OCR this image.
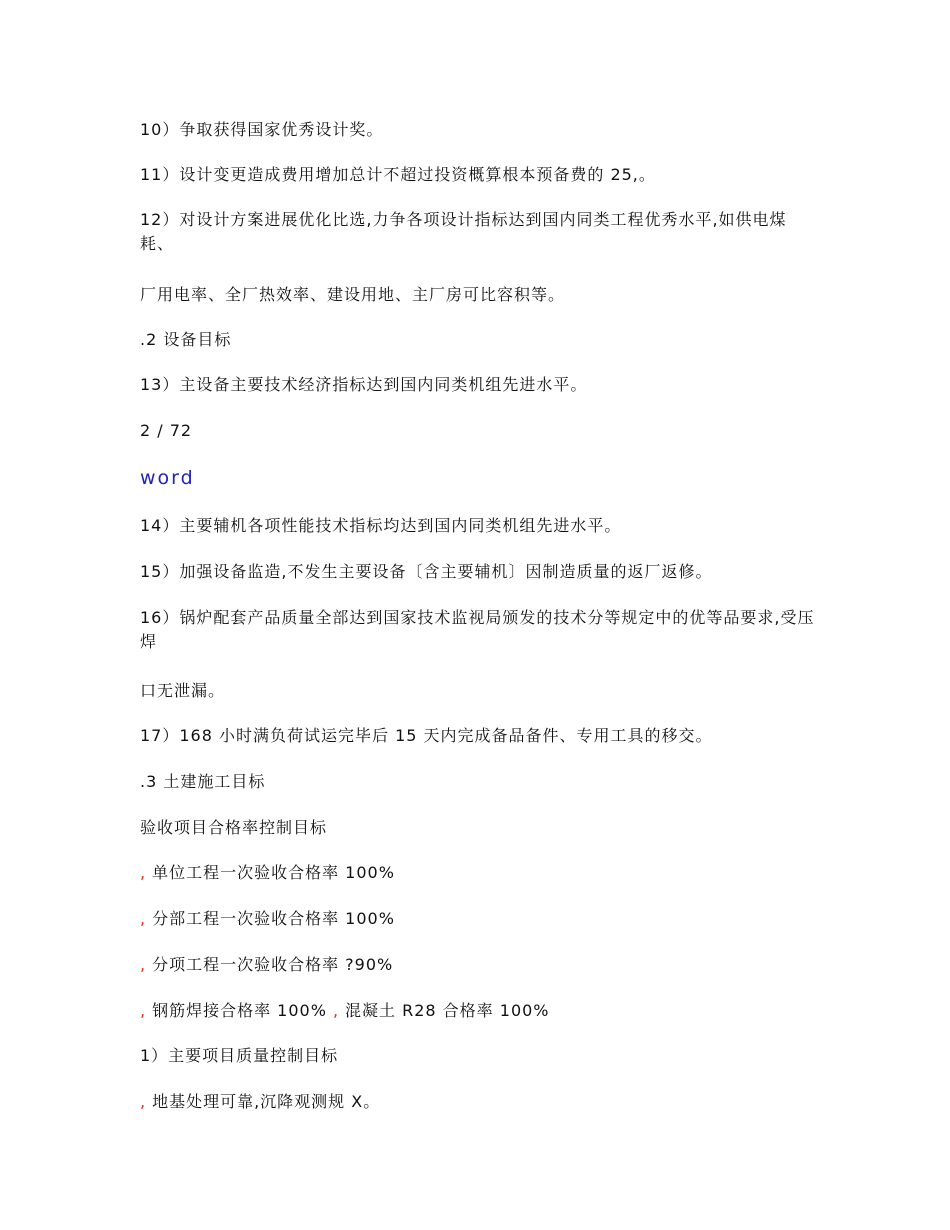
10）争取获得国家优秀设计奖。

11）设计变更造成费用增加总计不超过投资概算根本预备费的 25,。

12）对设计方案进展优化比选,力争各项设计指标达到国内同类工程优秀水平,如供电煤耗、

厂用电率、全厂热效率、建设用地、主厂房可比容积等。

.2 设备目标

13）主设备主要技术经济指标达到国内同类机组先进水平。

2 / 72

word

14）主要辅机各项性能技术指标均达到国内同类机组先进水平。

15）加强设备监造,不发生主要设备〔含主要辅机〕因制造质量的返厂返修。

16）锅炉配套产品质量全部达到国家技术监视局颁发的技术分等规定中的优等品要求,受压焊

口无泄漏。

17）168 小时满负荷试运完毕后 15 天内完成备品备件、专用工具的移交。

.3 土建施工目标

验收项目合格率控制目标

, 单位工程一次验收合格率 100%

, 分部工程一次验收合格率 100%

, 分项工程一次验收合格率 ?90%

, 钢筋焊接合格率 100% , 混凝土 R28 合格率 100%

1）主要项目质量控制目标

, 地基处理可靠,沉降观测规 X。
